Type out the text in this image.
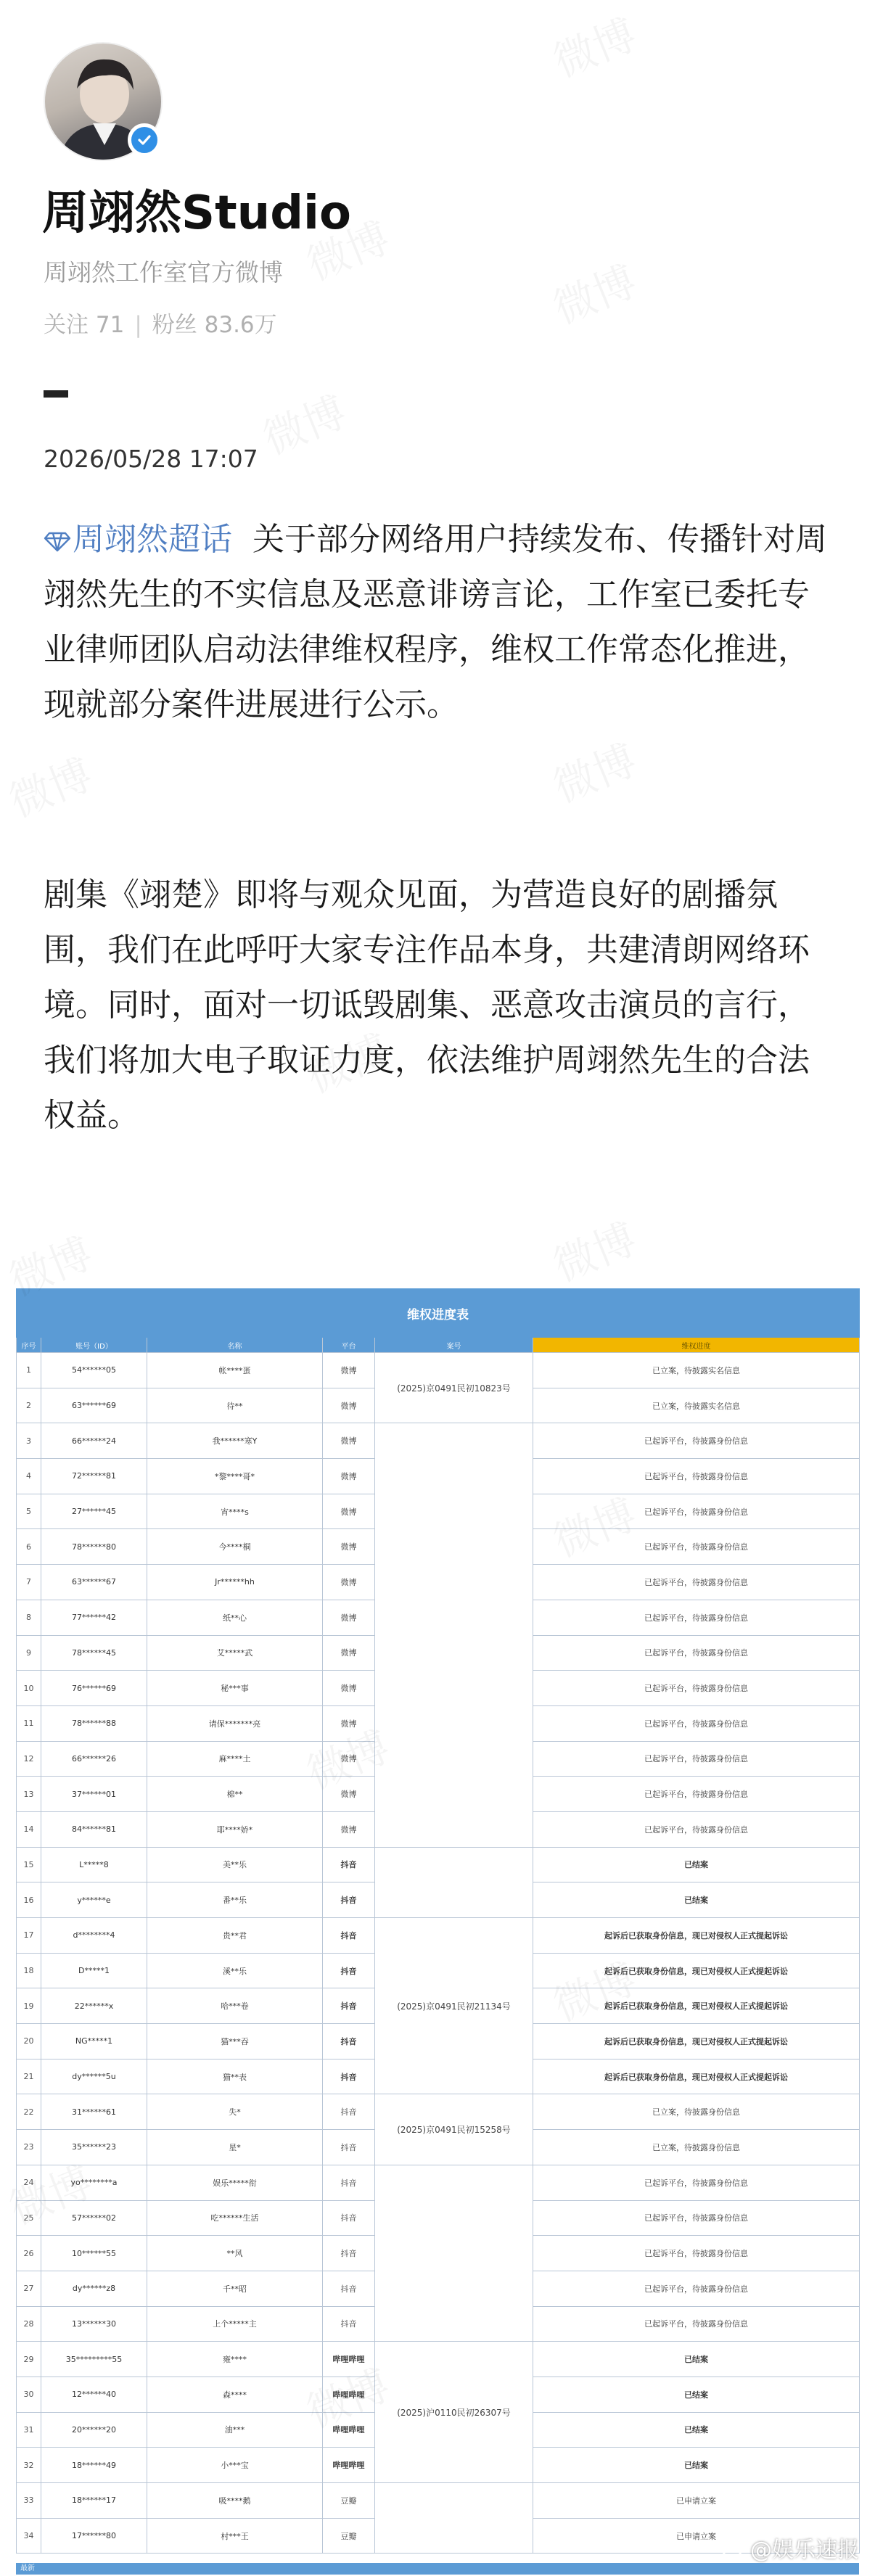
周翊然Studio
周翊然工作室官方微博
关注 71 | 粉丝 83.6万
2026/05/28 17:07
周翊然超话 关于部分网络用户持续发布、传播针对周翊然先生的不实信息及恶意诽谤言论，工作室已委托专业律师团队启动法律维权程序，维权工作常态化推进，现就部分案件进展进行公示。
剧集《翊楚》即将与观众见面，为营造良好的剧播氛围，我们在此呼吁大家专注作品本身，共建清朗网络环境。同时，面对一切诋毁剧集、恶意攻击演员的言行，我们将加大电子取证力度，依法维护周翊然先生的合法权益。
维权进度表					
序号	账号（ID）	名称	平台	案号	维权进度
1	54******05	帐****蛋	微博	(2025)京0491民初10823号	已立案，待披露实名信息
2	63******69	待**	微博		已立案，待披露实名信息
3	66******24	我******寒Y	微博		已起诉平台，待披露身份信息
4	72******81	*黎****哥*	微博		已起诉平台，待披露身份信息
5	27******45	宵****s	微博		已起诉平台，待披露身份信息
6	78******80	今****桐	微博		已起诉平台，待披露身份信息
7	63******67	Jr******hh	微博		已起诉平台，待披露身份信息
8	77******42	纸**心	微博		已起诉平台，待披露身份信息
9	78******45	艾*****武	微博		已起诉平台，待披露身份信息
10	76******69	秘***事	微博		已起诉平台，待披露身份信息
11	78******88	请保*******亮	微博		已起诉平台，待披露身份信息
12	66******26	麻****土	微博		已起诉平台，待披露身份信息
13	37******01	棉**	微博		已起诉平台，待披露身份信息
14	84******81	耶****娇*	微博		已起诉平台，待披露身份信息
15	L*****8	美**乐	抖音		已结案
16	y******e	番**乐	抖音		已结案
17	d********4	贵**君	抖音	(2025)京0491民初21134号	起诉后已获取身份信息，现已对侵权人正式提起诉讼
18	D*****1	溪**乐	抖音		起诉后已获取身份信息，现已对侵权人正式提起诉讼
19	22******x	哈***卷	抖音		起诉后已获取身份信息，现已对侵权人正式提起诉讼
20	NG*****1	猫***吞	抖音		起诉后已获取身份信息，现已对侵权人正式提起诉讼
21	dy******5u	猫**表	抖音		起诉后已获取身份信息，现已对侵权人正式提起诉讼
22	31******61	失*	抖音	(2025)京0491民初15258号	已立案，待披露身份信息
23	35******23	星*	抖音		已立案，待披露身份信息
24	yo********a	娱乐*****衔	抖音		已起诉平台，待披露身份信息
25	57******02	吃******生活	抖音		已起诉平台，待披露身份信息
26	10******55	**风	抖音		已起诉平台，待披露身份信息
27	dy******z8	千**昭	抖音		已起诉平台，待披露身份信息
28	13******30	上个*****主	抖音		已起诉平台，待披露身份信息
29	35*********55	雍****	哔哩哔哩	(2025)沪0110民初26307号	已结案
30	12******40	森****	哔哩哔哩		已结案
31	20******20	油***	哔哩哔哩		已结案
32	18******49	小***宝	哔哩哔哩		已结案
33	18******17	吸****鹅	豆瓣		已申请立案
34	17******80	村***王	豆瓣		已申请立案
最新
@娱乐速报
